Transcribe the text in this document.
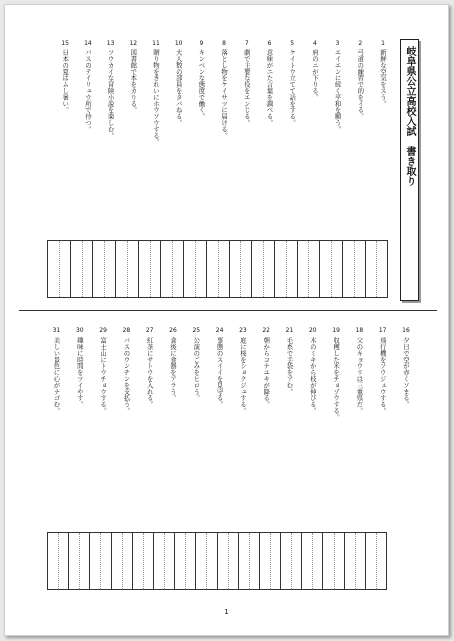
岐阜県公立高校入試　書き取り
1
新鮮な空気をスう。
2
弓道の練習で的をイる。
3
エイエンに続く平和を願う。
4
肩のニが下りる。
5
ケイトウ立てて話をする。
6
意味がニた言葉を調べる。
7
劇で主要な役をエンじる。
8
落とし物をケイサツに届ける。
9
キンベンな態度で働く。
10
大人数の部員をタバねる。
11
贈り物をきれいにホウソウする。
12
図書館で本をカりる。
13
ツウカイな冒険小説を楽しむ。
14
バスのテイリュウ所で待つ。
15
日本の夏はムし暑い。
16
夕日で空が赤くソまる。
17
飛行機をソウジュウする。
18
父のキョウリは三重県だ。
19
収穫した米をチョゾウする。
20
木のミキから枝が伸びる。
21
毛糸で手袋をアむ。
22
朝からコナユキが降る。
23
庭に桜をショクジュする。
24
事態のスイイを見守る。
25
公演のごみをヒロう。
26
食後に食器をアラう。
27
紅茶にサトウを入れる。
28
バスのウンチンを支払う。
29
富士山にトウチョウする。
30
趣味に時間をツイやす。
31
美しい景色に心がナゴむ。
1
